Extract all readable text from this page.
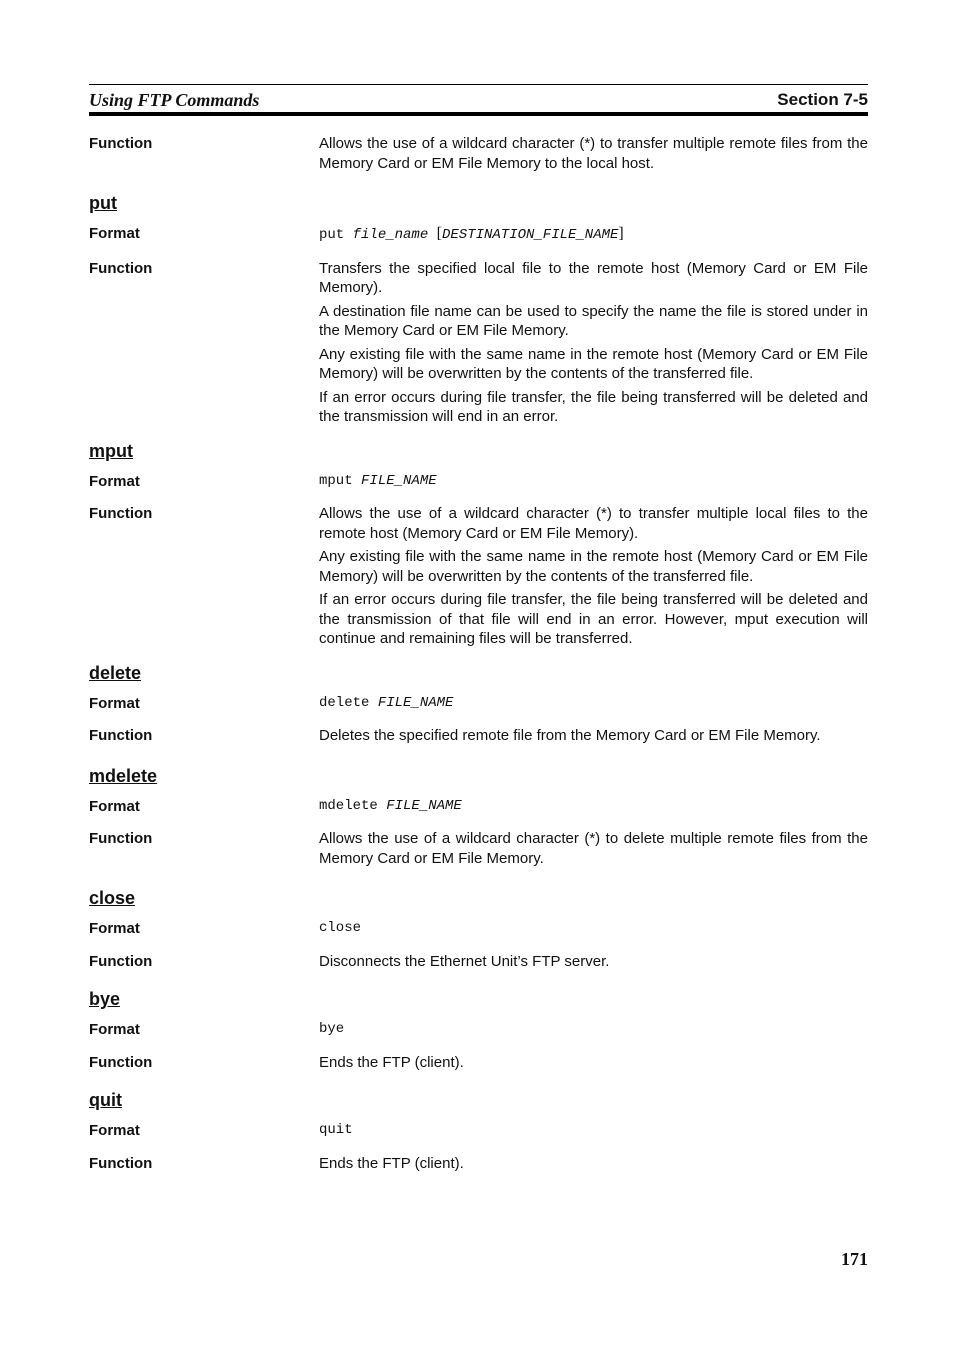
Using FTP Commands	Section 7-5
Function	Allows the use of a wildcard character (*) to transfer multiple remote files from the Memory Card or EM File Memory to the local host.

put
Format	put file_name [DESTINATION_FILE_NAME]
Function	Transfers the specified local file to the remote host (Memory Card or EM File Memory).

A destination file name can be used to specify the name the file is stored under in the Memory Card or EM File Memory.

Any existing file with the same name in the remote host (Memory Card or EM File Memory) will be overwritten by the contents of the transferred file.

If an error occurs during file transfer, the file being transferred will be deleted and the transmission will end in an error.

mput
Format	mput FILE_NAME
Function	Allows the use of a wildcard character (*) to transfer multiple local files to the remote host (Memory Card or EM File Memory).

Any existing file with the same name in the remote host (Memory Card or EM File Memory) will be overwritten by the contents of the transferred file.

If an error occurs during file transfer, the file being transferred will be deleted and the transmission of that file will end in an error. However, mput execution will continue and remaining files will be transferred.

delete
Format	delete FILE_NAME
Function	Deletes the specified remote file from the Memory Card or EM File Memory.

mdelete
Format	mdelete FILE_NAME
Function	Allows the use of a wildcard character (*) to delete multiple remote files from the Memory Card or EM File Memory.

close
Format	close
Function	Disconnects the Ethernet Unit’s FTP server.

bye
Format	bye
Function	Ends the FTP (client).

quit
Format	quit
Function	Ends the FTP (client).

171
